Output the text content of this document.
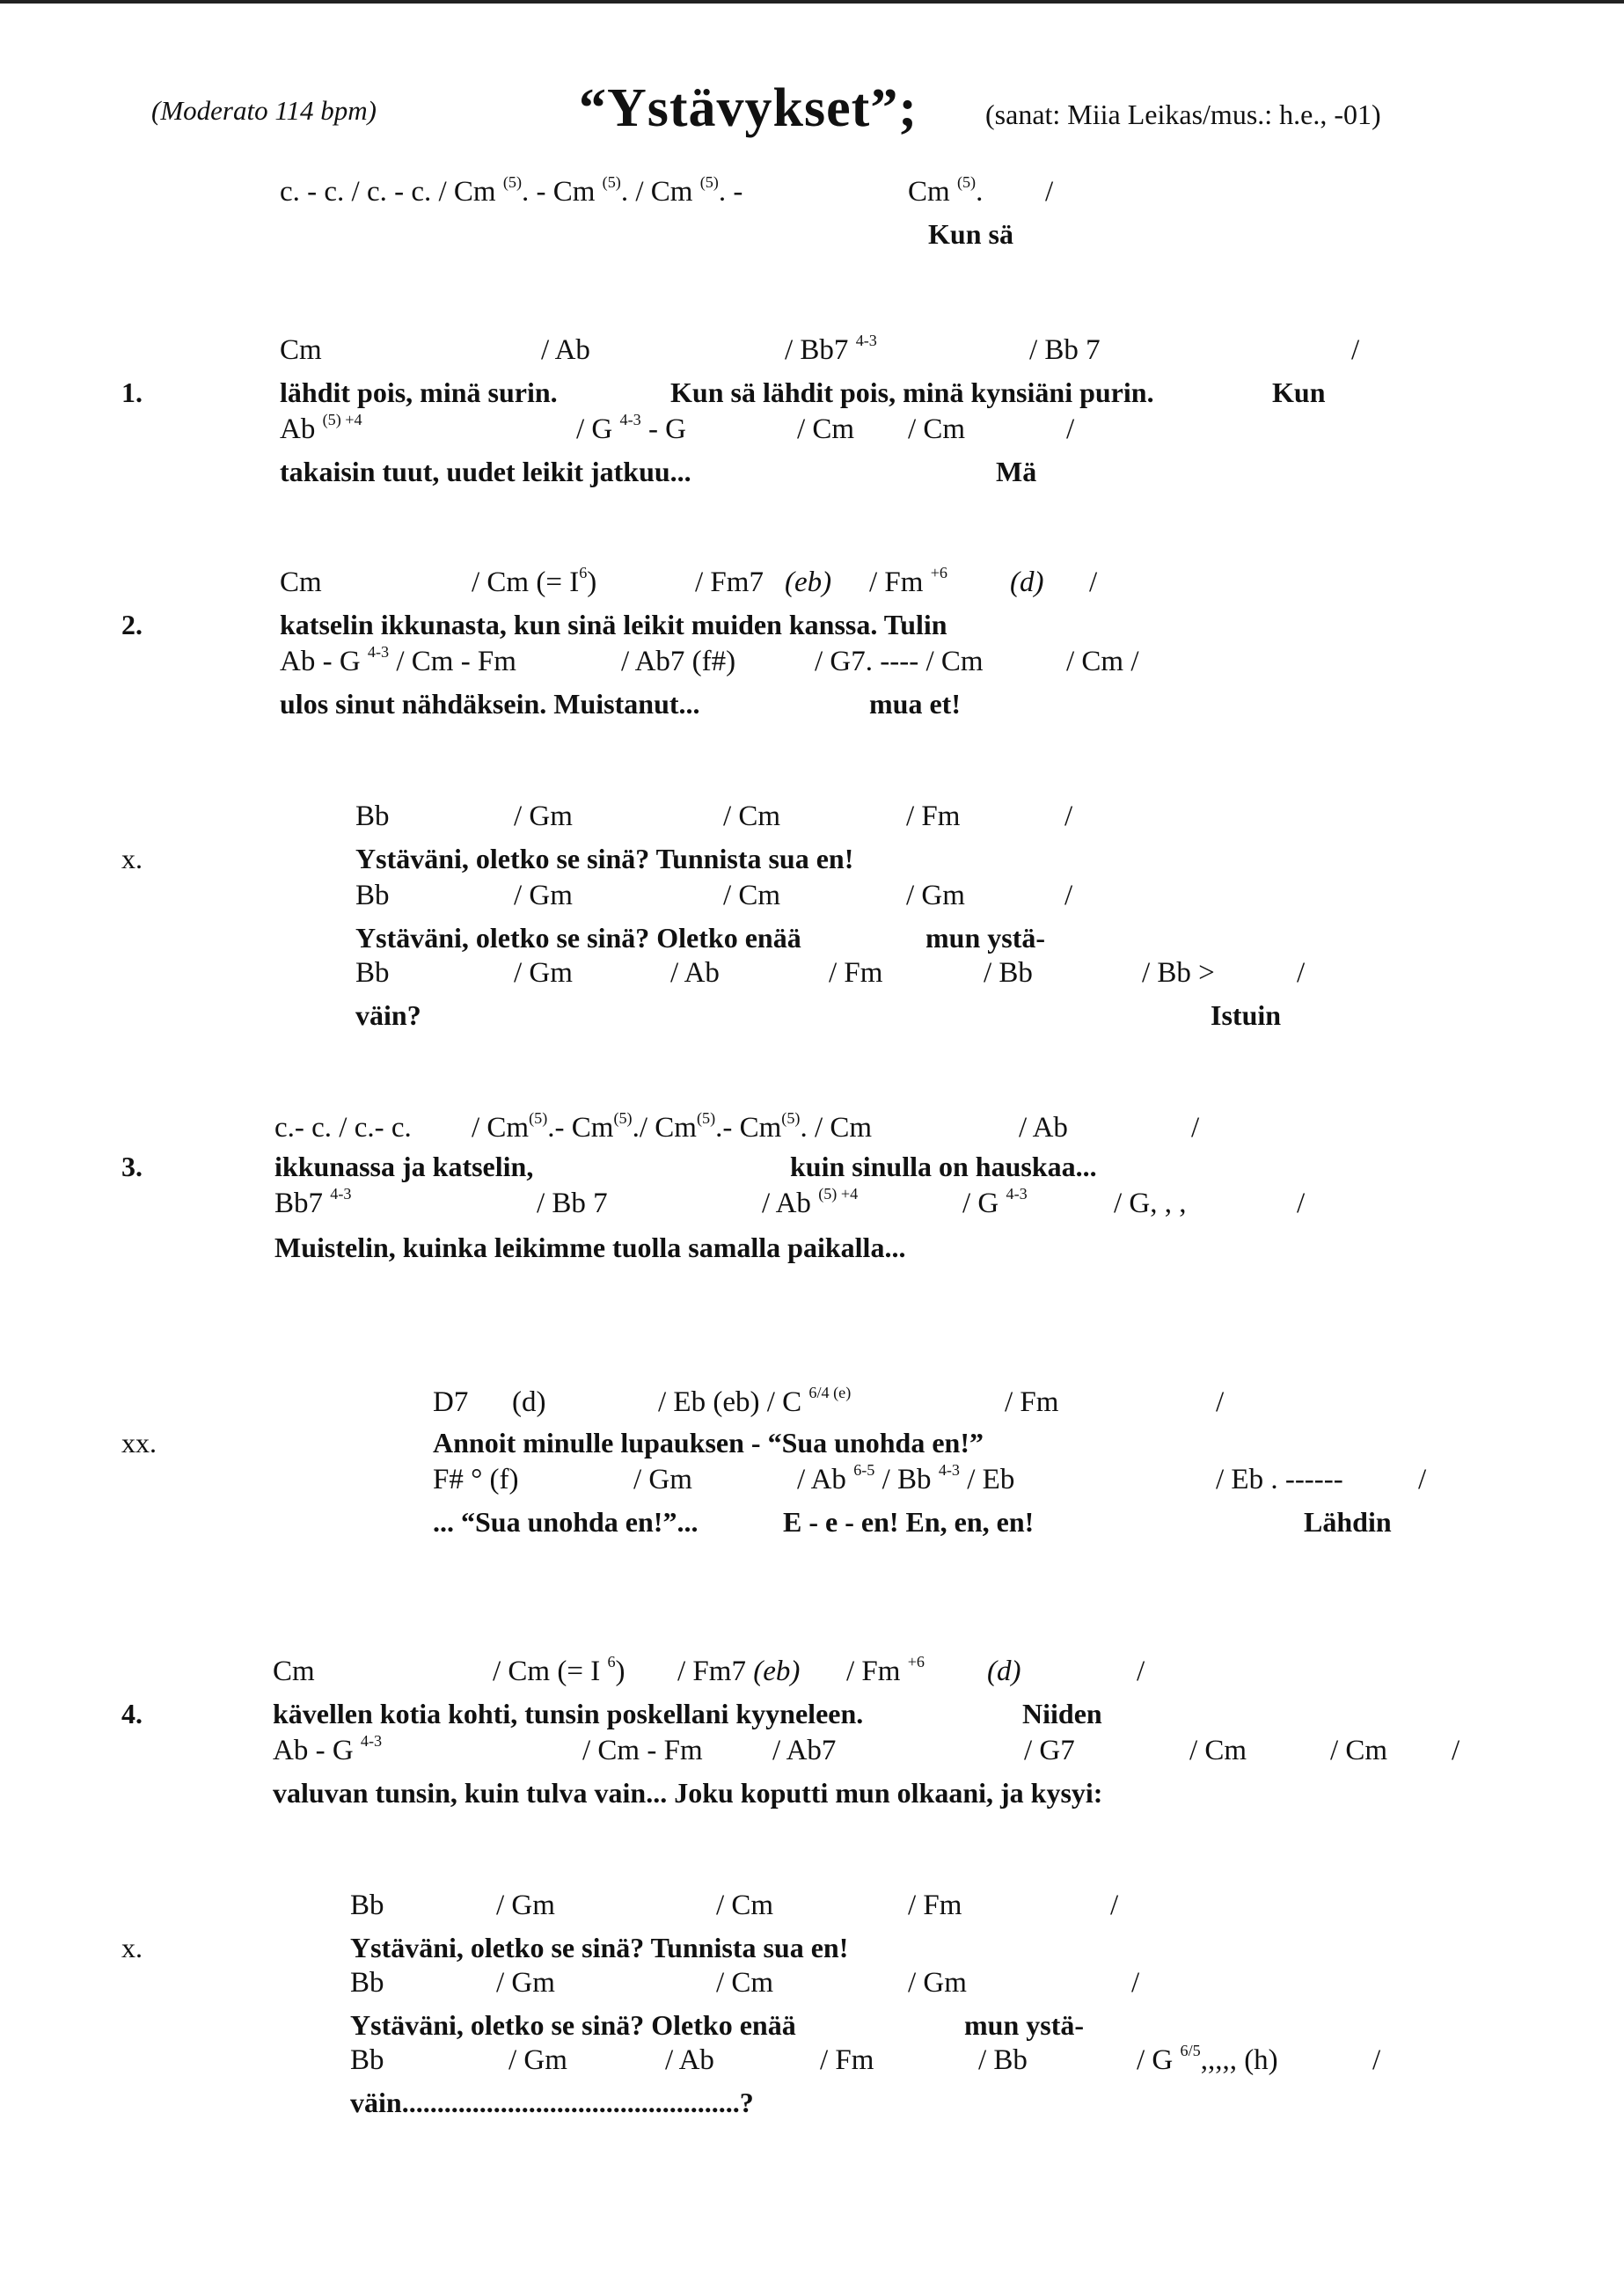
(Moderato 114 bpm)	“Ystävykset”; (sanat: Miia Leikas/mus.: h.e., -01)
c. - c. / c. - c. / Cm $^{(5)}$. - Cm $^{(5)}$. / Cm $^{(5)}$. -	Cm $^{(5)}$. /
Kun sä
1.
Cm	/ Ab	/ Bb7 $^{4-3}$	/ Bb 7	/
lähdit pois, minä surin.	Kun sä lähdit pois, minä kynsiäni purin.	Kun
Ab $^{(5) +4}$	/ G $^{4-3}$ - G	/ Cm / Cm	/
takaisin tuut, uudet leikit jatkuu...	Mä
2.
Cm	/ Cm (= $I^6$)	/ Fm7 (eb) / Fm $^{+6}$ (d) /
katselin ikkunasta, kun sinä leikit muiden kanssa. Tulin
Ab - G $^{4-3}$ / Cm - Fm	/ Ab7 (f#)	/ G7. ---- / Cm	/ Cm /
ulos sinut nähdäksein. Muistanut...	mua et!
x.
Bb	/ Gm	/ Cm	/ Fm	/
Ystäväni, oletko se sinä? Tunnista sua en!
Bb	/ Gm	/ Cm	/ Gm	/
Ystäväni, oletko se sinä? Oletko enää	mun ystä-
Bb	/ Gm	/ Ab	/ Fm	/ Bb	/ Bb >	/
väin?	Istuin
3.
c.- c. / c.- c. / Cm$^{(5)}$.- Cm$^{(5)}$./ Cm$^{(5)}$.- Cm$^{(5)}$. / Cm	/ Ab	/
ikkunassa ja katselin,	kuin sinulla on hauskaa...
Bb7 $^{4-3}$	/ Bb 7	/ Ab $^{(5) +4}$	/ G $^{4-3}$	/ G, , ,	/
Muistelin, kuinka leikimme tuolla samalla paikalla...
xx.
D7 (d)	/ Eb (eb) / C $^{6/4 (e)}$	/ Fm	/
Annoit minulle lupauksen - “Sua unohda en!”
F# ° (f)	/ Gm	/ Ab $^{6-5}$ / Bb $^{4-3}$ / Eb	/ Eb . ------	/
... “Sua unohda en!”...	E - e - en! En, en, en!	Lähdin
4.
Cm	/ Cm (= I $^6$) / Fm7 (eb) / Fm $^{+6}$ (d)	/
kävellen kotia kohti, tunsin poskellani kyyneleen.	Niiden
Ab - G $^{4-3}$	/ Cm - Fm / Ab7	/ G7	/ Cm	/ Cm /
valuvan tunsin, kuin tulva vain... Joku koputti mun olkaani, ja kysyi:
x.
Bb	/ Gm	/ Cm	/ Fm	/
Ystäväni, oletko se sinä? Tunnista sua en!
Bb	/ Gm	/ Cm	/ Gm	/
Ystäväni, oletko se sinä? Oletko enää	mun ystä-
Bb	/ Gm	/ Ab	/ Fm	/ Bb	/ G $^{6/5}$,,,,, (h)	/
väin................................................?
